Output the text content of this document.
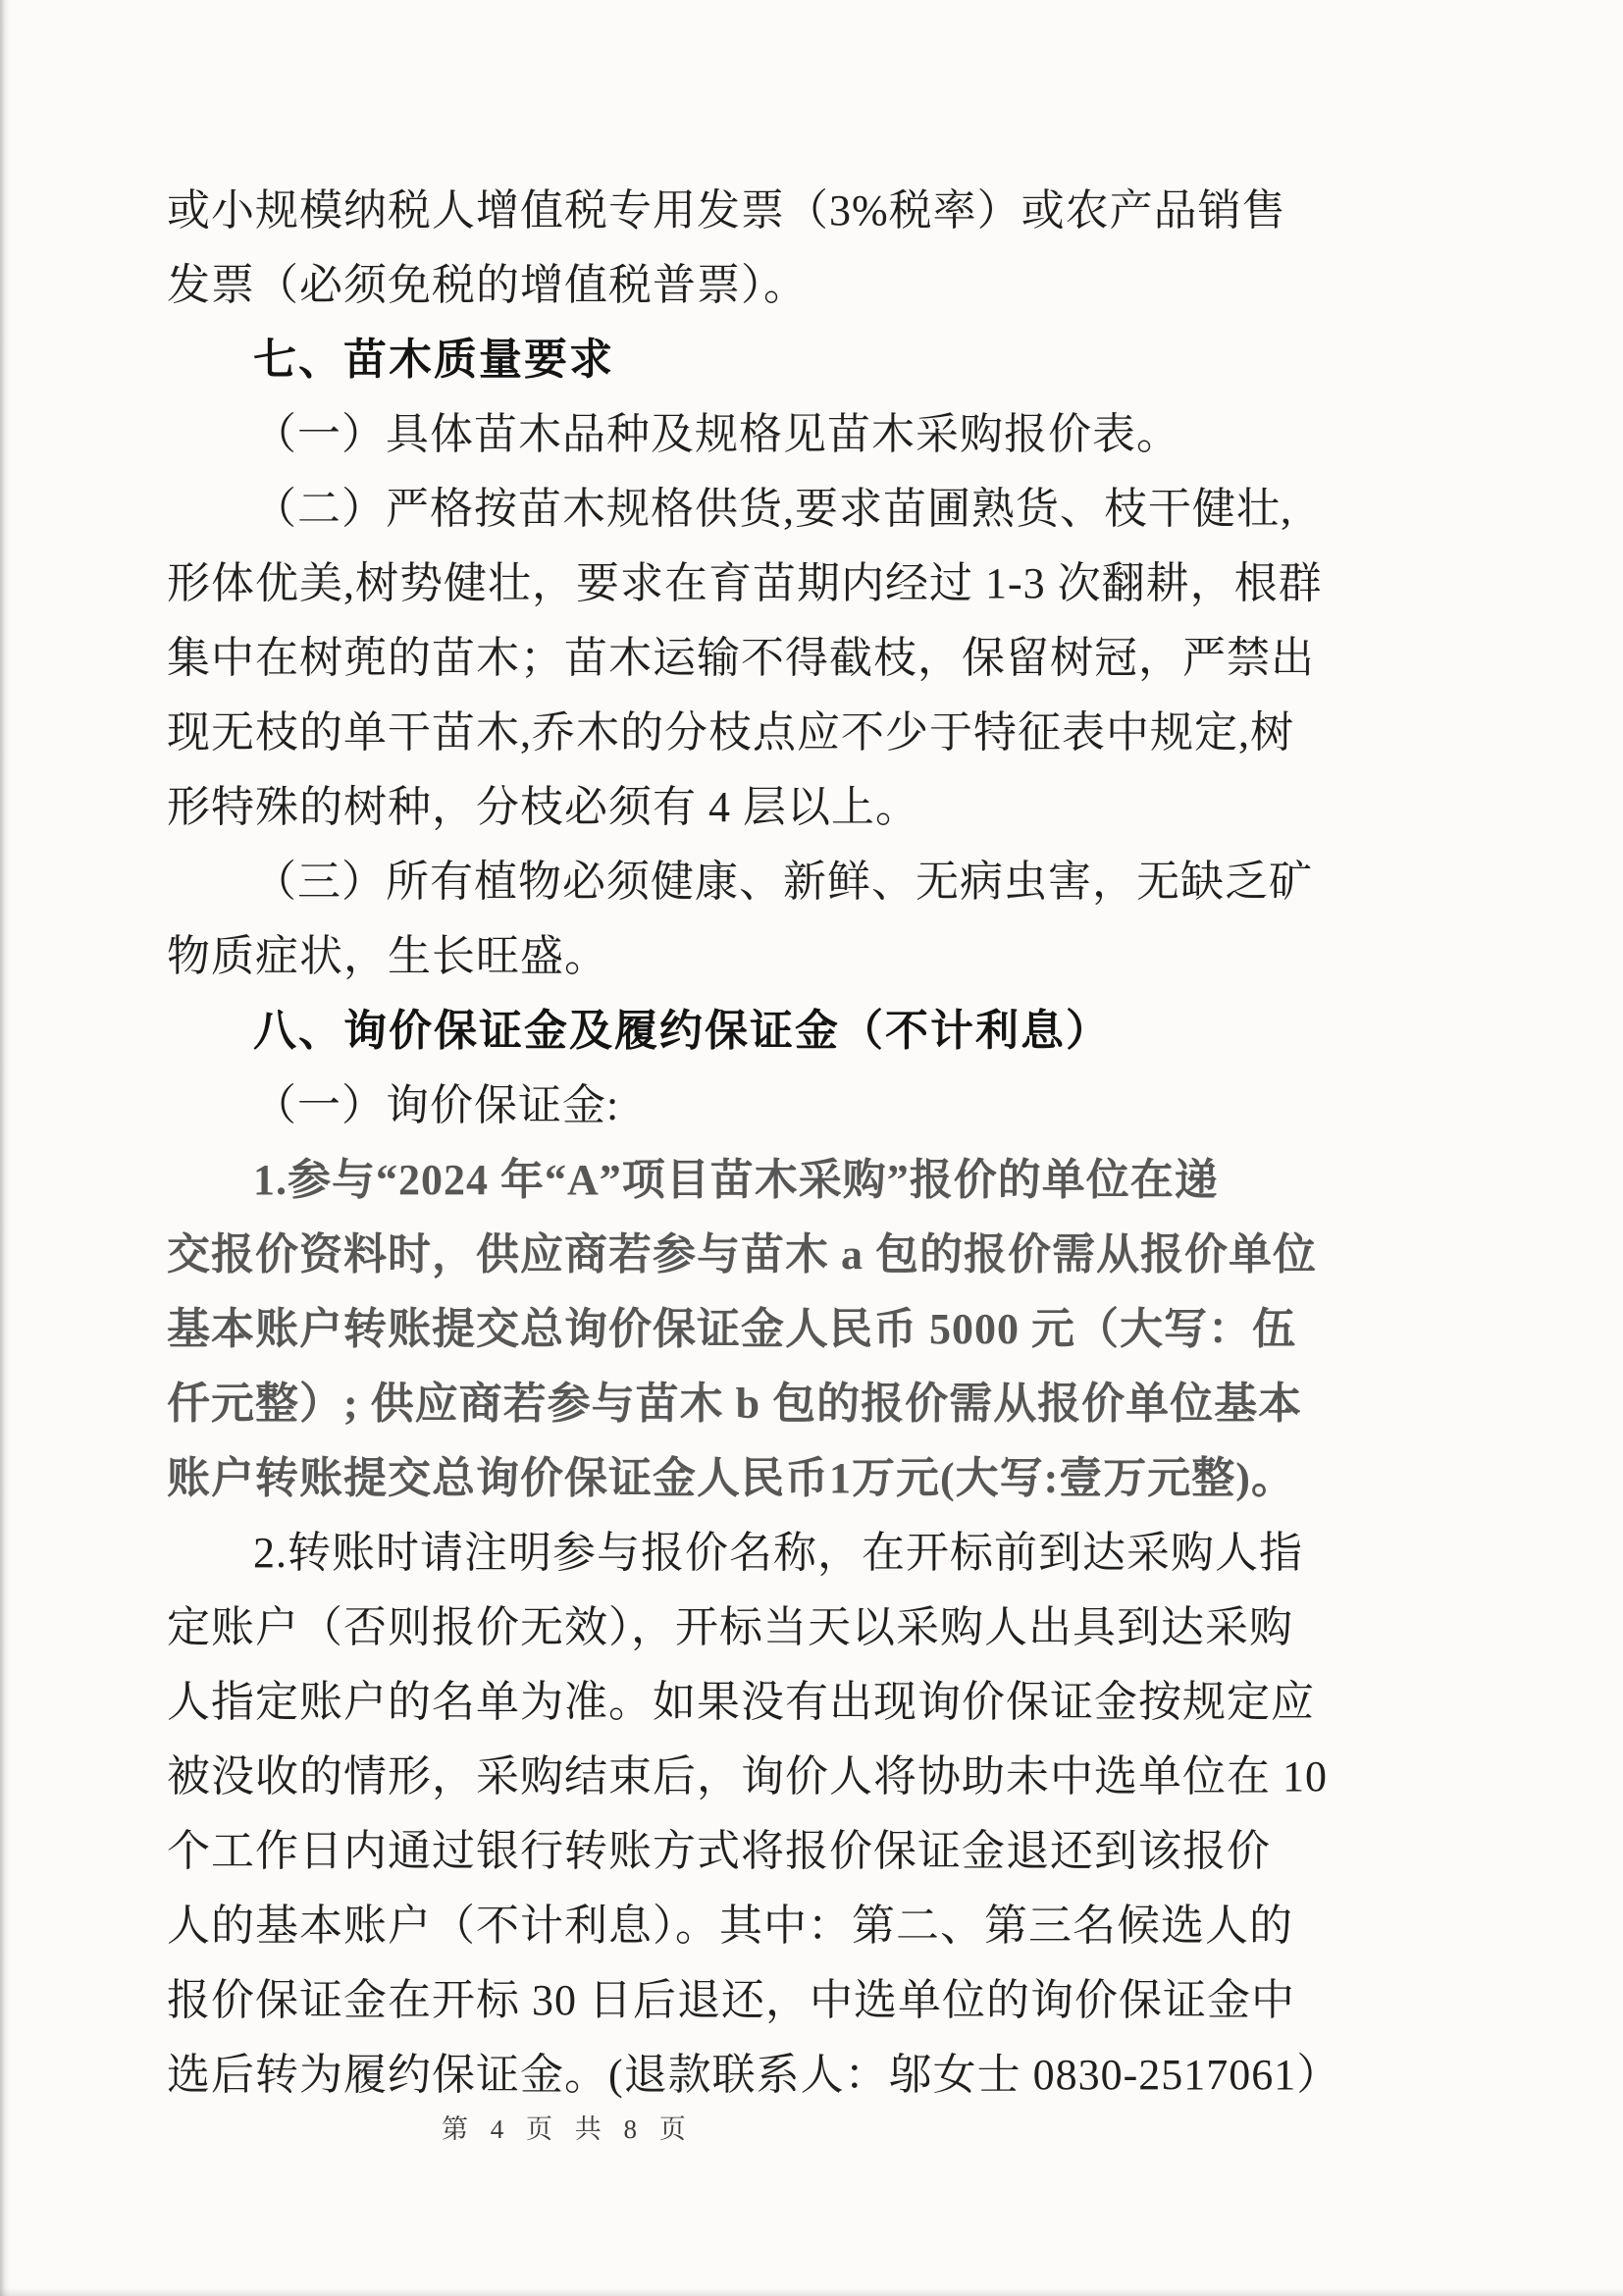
或小规模纳税人增值税专用发票（3%税率）或农产品销售
发票（必须免税的增值税普票）。
七、苗木质量要求
（一）具体苗木品种及规格见苗木采购报价表。
（二）严格按苗木规格供货,要求苗圃熟货、枝干健壮,
形体优美,树势健壮，要求在育苗期内经过 1-3 次翻耕，根群
集中在树蔸的苗木；苗木运输不得截枝，保留树冠，严禁出
现无枝的单干苗木,乔木的分枝点应不少于特征表中规定,树
形特殊的树种，分枝必须有 4 层以上。
（三）所有植物必须健康、新鲜、无病虫害，无缺乏矿
物质症状，生长旺盛。
八、询价保证金及履约保证金（不计利息）
（一）询价保证金:
1.参与“2024 年“A”项目苗木采购”报价的单位在递
交报价资料时，供应商若参与苗木 a 包的报价需从报价单位
基本账户转账提交总询价保证金人民币 5000 元（大写：伍
仟元整）; 供应商若参与苗木 b 包的报价需从报价单位基本
账户转账提交总询价保证金人民币1万元(大写:壹万元整)。
2.转账时请注明参与报价名称，在开标前到达采购人指
定账户（否则报价无效），开标当天以采购人出具到达采购
人指定账户的名单为准。如果没有出现询价保证金按规定应
被没收的情形，采购结束后，询价人将协助未中选单位在 10
个工作日内通过银行转账方式将报价保证金退还到该报价
人的基本账户（不计利息）。其中：第二、第三名候选人的
报价保证金在开标 30 日后退还，中选单位的询价保证金中
选后转为履约保证金。(退款联系人：邬女士 0830-2517061）
第 4 页 共 8 页
